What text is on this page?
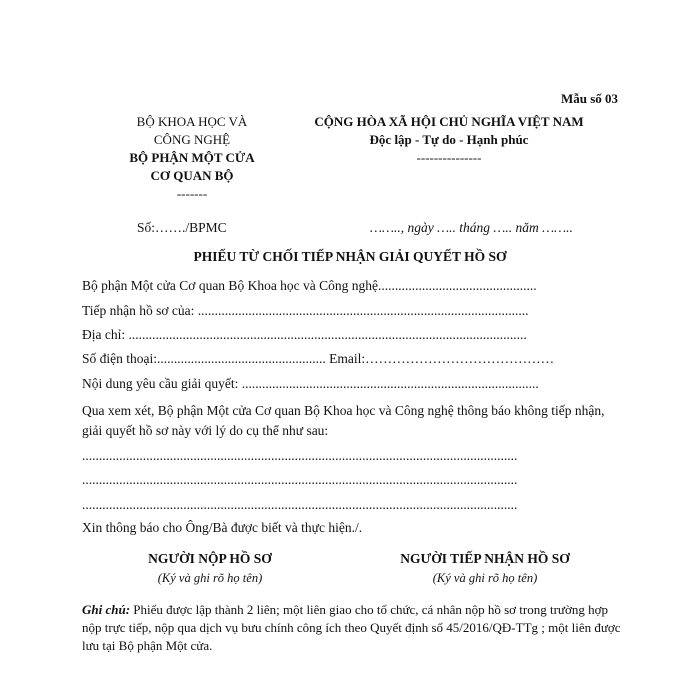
Mẫu số 03
BỘ KHOA HỌC VÀ
CÔNG NGHỆ
BỘ PHẬN MỘT CỬA
CƠ QUAN BỘ
-------
CỘNG HÒA XÃ HỘI CHỦ NGHĨA VIỆT NAM
Độc lập - Tự do - Hạnh phúc
---------------
Số:……./BPMC	…….., ngày ….. tháng ….. năm ……..
PHIẾU TỪ CHỐI TIẾP NHẬN GIẢI QUYẾT HỒ SƠ
Bộ phận Một cửa Cơ quan Bộ Khoa học và Công nghệ...............................................
Tiếp nhận hồ sơ của: ..................................................................................................
Địa chỉ: ......................................................................................................................
Số điện thoại:.................................................. Email:……………………………………
Nội dung yêu cầu giải quyết: ........................................................................................
Qua xem xét, Bộ phận Một cửa Cơ quan Bộ Khoa học và Công nghệ thông báo không tiếp nhận, giải quyết hồ sơ này với lý do cụ thể như sau:
.................................................................................................................................
.................................................................................................................................
.................................................................................................................................
Xin thông báo cho Ông/Bà được biết và thực hiện./.
NGƯỜI NỘP HỒ SƠ
(Ký và ghi rõ họ tên)
NGƯỜI TIẾP NHẬN HỒ SƠ
(Ký và ghi rõ họ tên)
Ghi chú: Phiếu được lập thành 2 liên; một liên giao cho tổ chức, cá nhân nộp hồ sơ trong trường hợp nộp trực tiếp, nộp qua dịch vụ bưu chính công ích theo Quyết định số 45/2016/QĐ-TTg ; một liên được lưu tại Bộ phận Một cửa.
